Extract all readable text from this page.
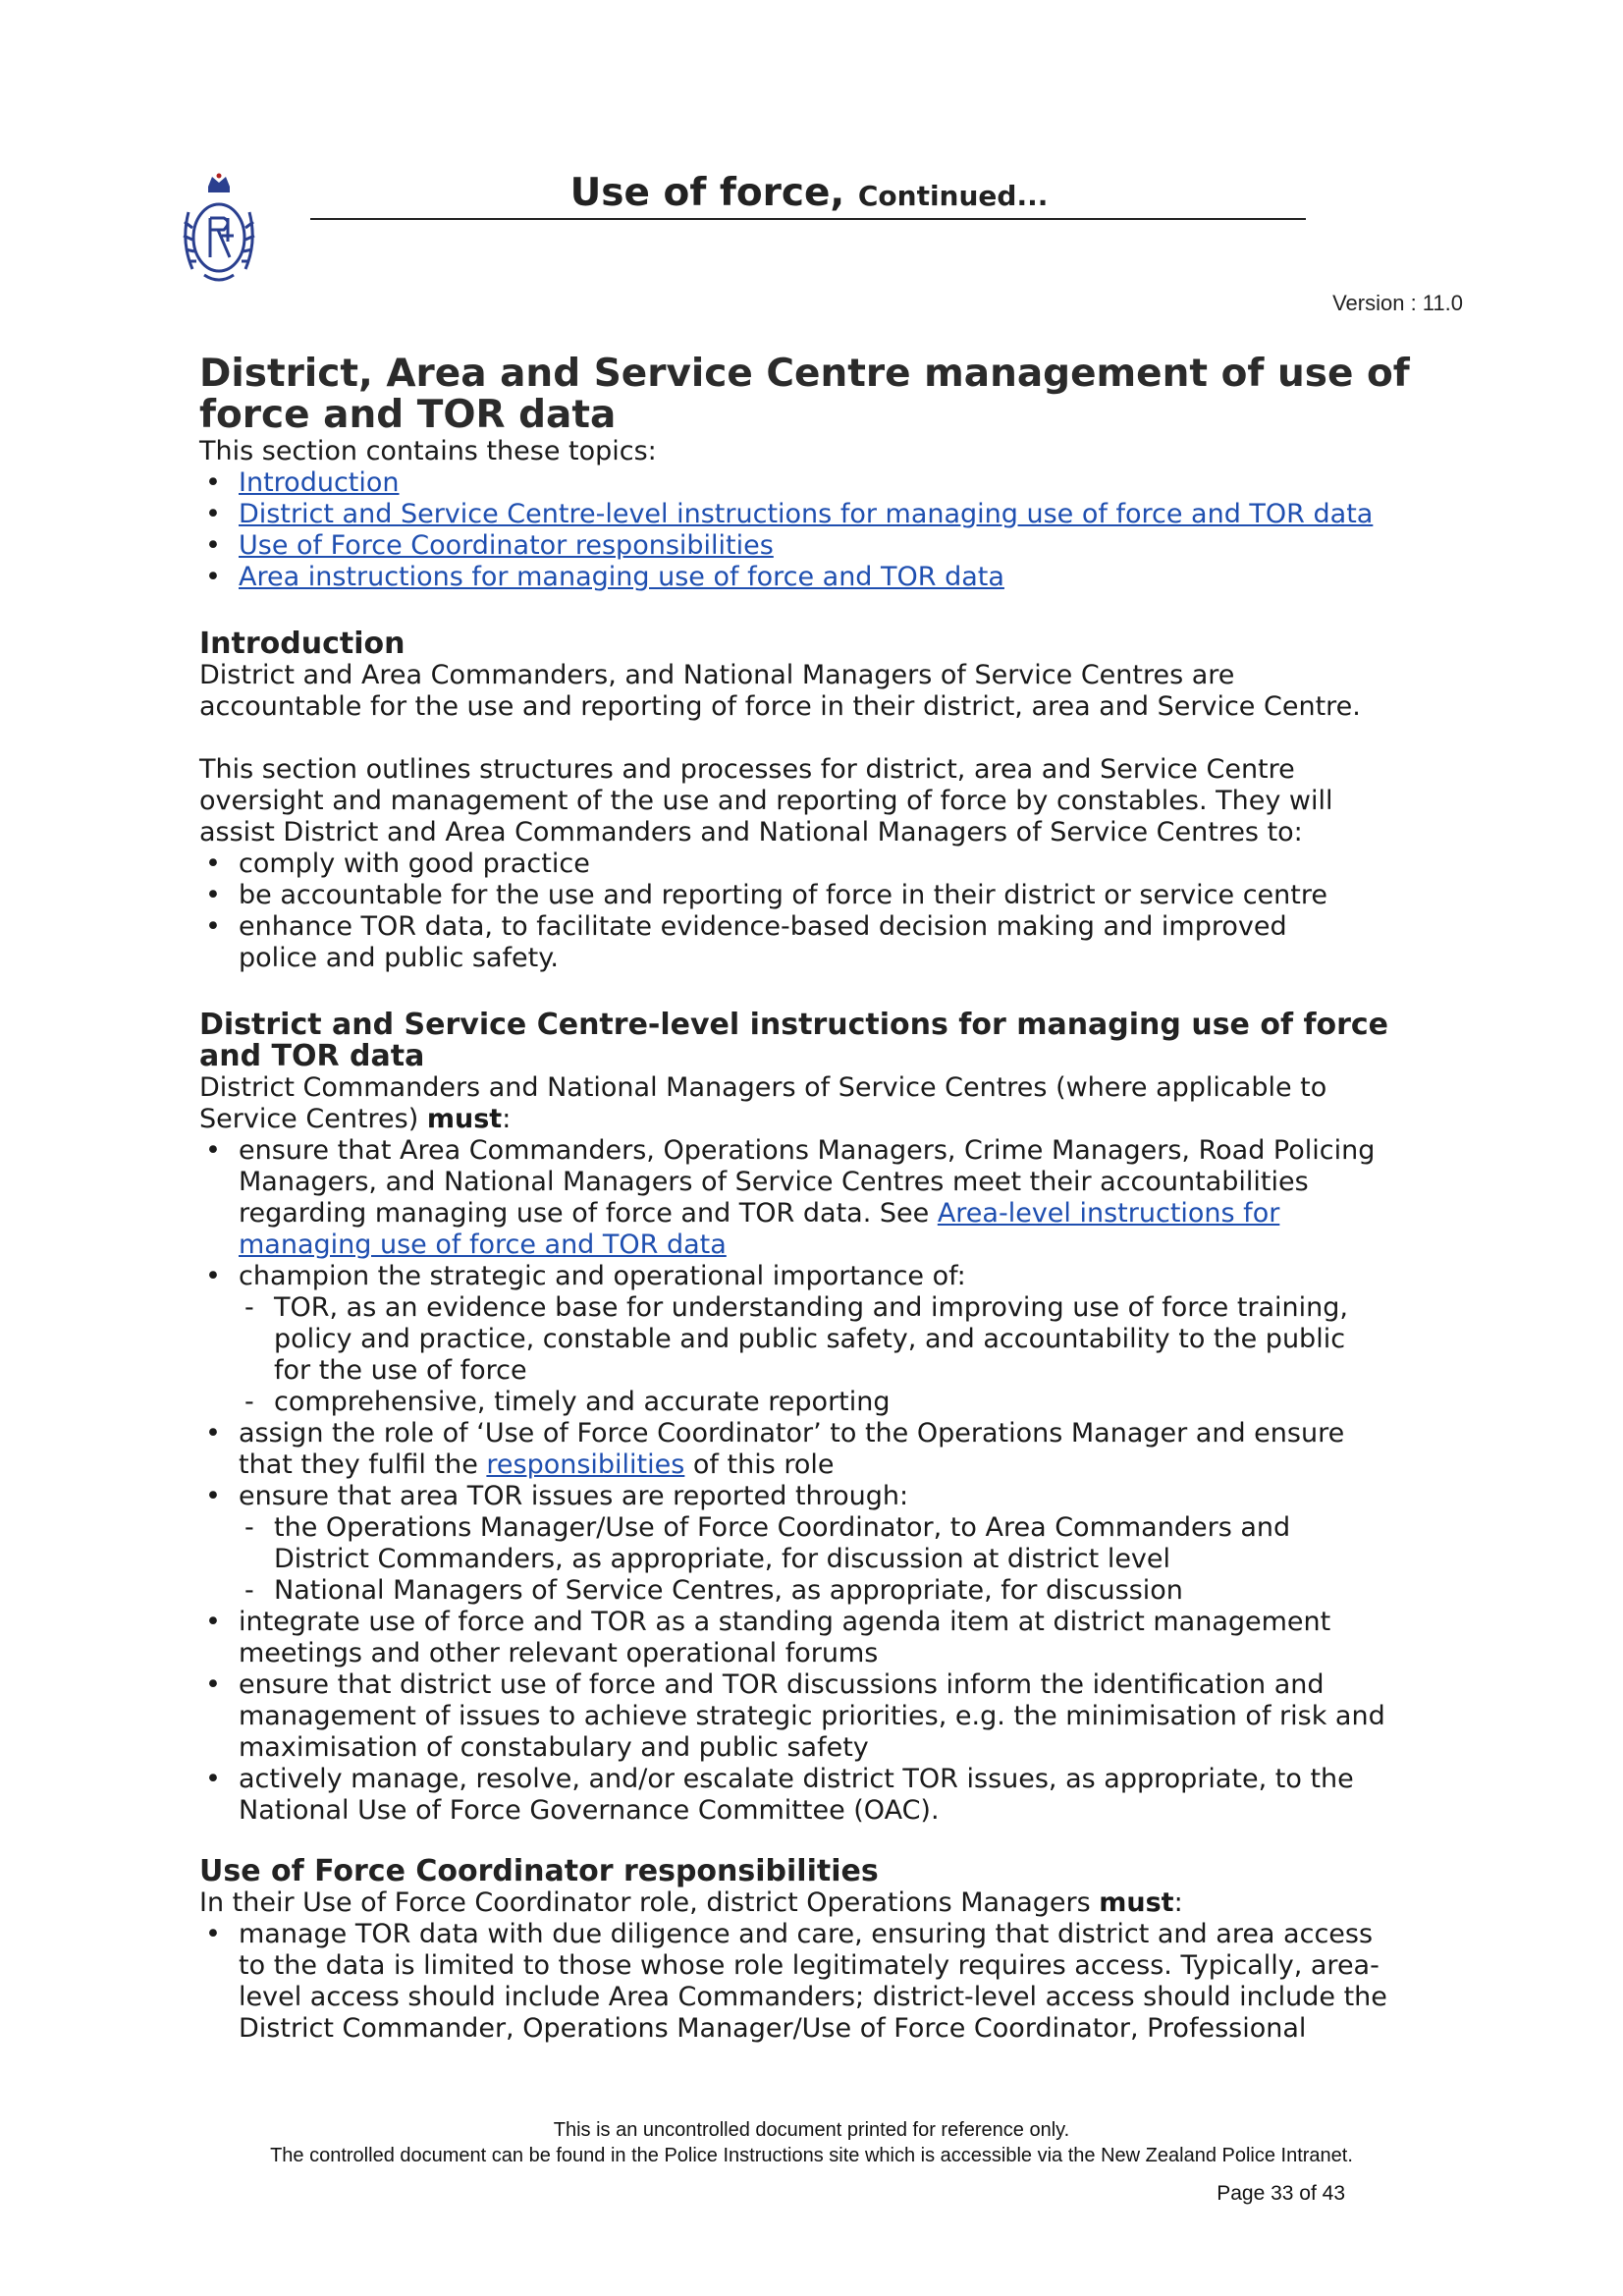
Use of force, Continued...
Version : 11.0
District, Area and Service Centre management of use of
force and TOR data

This section contains these topics:

• Introduction
• District and Service Centre-level instructions for managing use of force and TOR data
• Use of Force Coordinator responsibilities
• Area instructions for managing use of force and TOR data
Introduction

District and Area Commanders, and National Managers of Service Centres are
accountable for the use and reporting of force in their district, area and Service Centre.

This section outlines structures and processes for district, area and Service Centre
oversight and management of the use and reporting of force by constables. They will
assist District and Area Commanders and National Managers of Service Centres to:

• comply with good practice
• be accountable for the use and reporting of force in their district or service centre
• enhance TOR data, to facilitate evidence-based decision making and improved police and public safety.
District and Service Centre-level instructions for managing use of force
and TOR data

District Commanders and National Managers of Service Centres (where applicable to
Service Centres) must:

• ensure that Area Commanders, Operations Managers, Crime Managers, Road Policing Managers, and National Managers of Service Centres meet their accountabilities regarding managing use of force and TOR data. See Area-level instructions for managing use of force and TOR data
• champion the strategic and operational importance of:
- TOR, as an evidence base for understanding and improving use of force training, policy and practice, constable and public safety, and accountability to the public for the use of force
- comprehensive, timely and accurate reporting
• assign the role of ‘Use of Force Coordinator’ to the Operations Manager and ensure that they fulfil the responsibilities of this role
• ensure that area TOR issues are reported through:
- the Operations Manager/Use of Force Coordinator, to Area Commanders and District Commanders, as appropriate, for discussion at district level
- National Managers of Service Centres, as appropriate, for discussion
• integrate use of force and TOR as a standing agenda item at district management meetings and other relevant operational forums
• ensure that district use of force and TOR discussions inform the identification and management of issues to achieve strategic priorities, e.g. the minimisation of risk and maximisation of constabulary and public safety
• actively manage, resolve, and/or escalate district TOR issues, as appropriate, to the National Use of Force Governance Committee (OAC).
Use of Force Coordinator responsibilities

In their Use of Force Coordinator role, district Operations Managers must:

• manage TOR data with due diligence and care, ensuring that district and area access to the data is limited to those whose role legitimately requires access. Typically, area-level access should include Area Commanders; district-level access should include the District Commander, Operations Manager/Use of Force Coordinator, Professional
This is an uncontrolled document printed for reference only.
The controlled document can be found in the Police Instructions site which is accessible via the New Zealand Police Intranet.
Page 33 of 43
